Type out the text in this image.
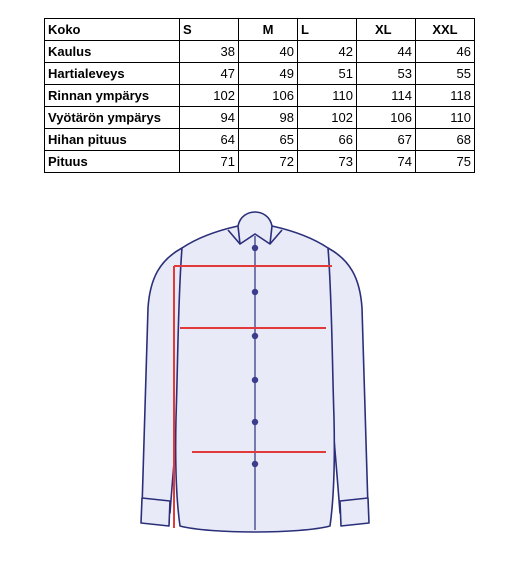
Koko	S	M	L	XL	XXL
Kaulus	38	40	42	44	46
Hartialeveys	47	49	51	53	55
Rinnan ympärys	102	106	110	114	118
Vyötärön ympärys	94	98	102	106	110
Hihan pituus	64	65	66	67	68
Pituus	71	72	73	74	75
